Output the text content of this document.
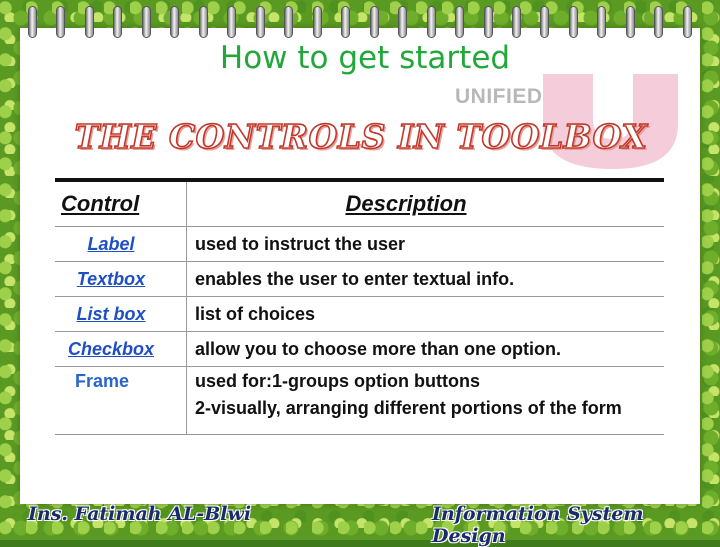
How to get started
UNIFIED
THE CONTROLS IN TOOLBOX
Control	Description
Label	used to instruct the user
Textbox	enables the user to enter textual info.
List box	list of choices
Checkbox	allow you to choose more than one option.
Frame	used for:1-groups option buttons
2-visually, arranging different portions of the form
Ins. Fatimah AL-Blwi	Information System Design
